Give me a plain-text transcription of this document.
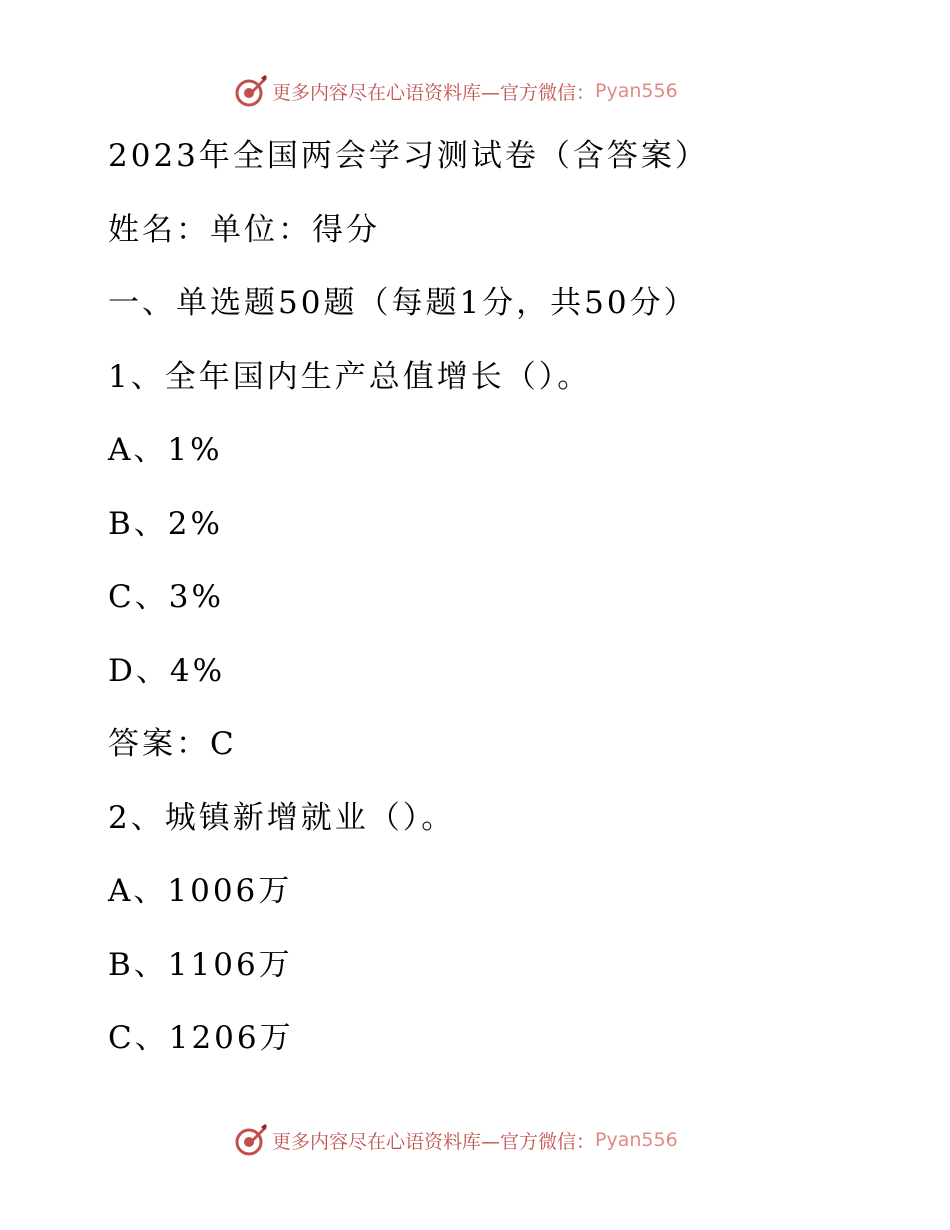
更多内容尽在心语资料库—官方微信： Pyan556
2023年全国两会学习测试卷（含答案）
姓名：单位：得分
一、单选题50题（每题1分，共50分）
1、全年国内生产总值增长（）。
A、1%
B、2%
C、3%
D、4%
答案：C
2、城镇新增就业（）。
A、1006万
B、1106万
C、1206万
更多内容尽在心语资料库—官方微信： Pyan556
